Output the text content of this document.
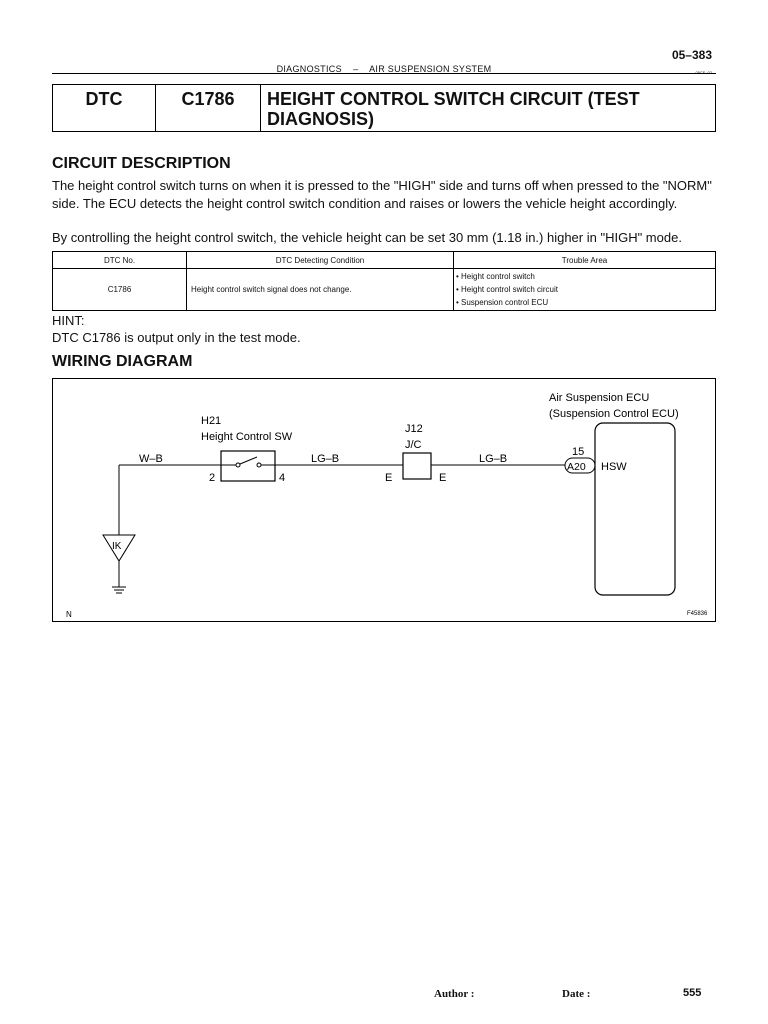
05–383
DIAGNOSTICS    –    AIR SUSPENSION SYSTEM	05CF–02
DTC	C1786	HEIGHT CONTROL SWITCH CIRCUIT (TEST DIAGNOSIS)
CIRCUIT DESCRIPTION
The height control switch turns on when it is pressed to the "HIGH" side and turns off when pressed to the "NORM" side. The ECU detects the height control switch condition and raises or lowers the vehicle height accordingly.
By controlling the height control switch, the vehicle height can be set 30 mm (1.18 in.) higher in "HIGH" mode.
DTC No.	DTC Detecting Condition	Trouble Area
C1786	Height control switch signal does not change.	• Height control switch
• Height control switch circuit
• Suspension control ECU
HINT:
DTC C1786 is output only in the test mode.
WIRING DIAGRAM
Air Suspension ECU
(Suspension Control ECU)
H21
Height Control SW
J12
J/C
W–B	LG–B	LG–B
2	4	E	E
15
A20 HSW
IK
N	F45836
Author :	Date :	555
